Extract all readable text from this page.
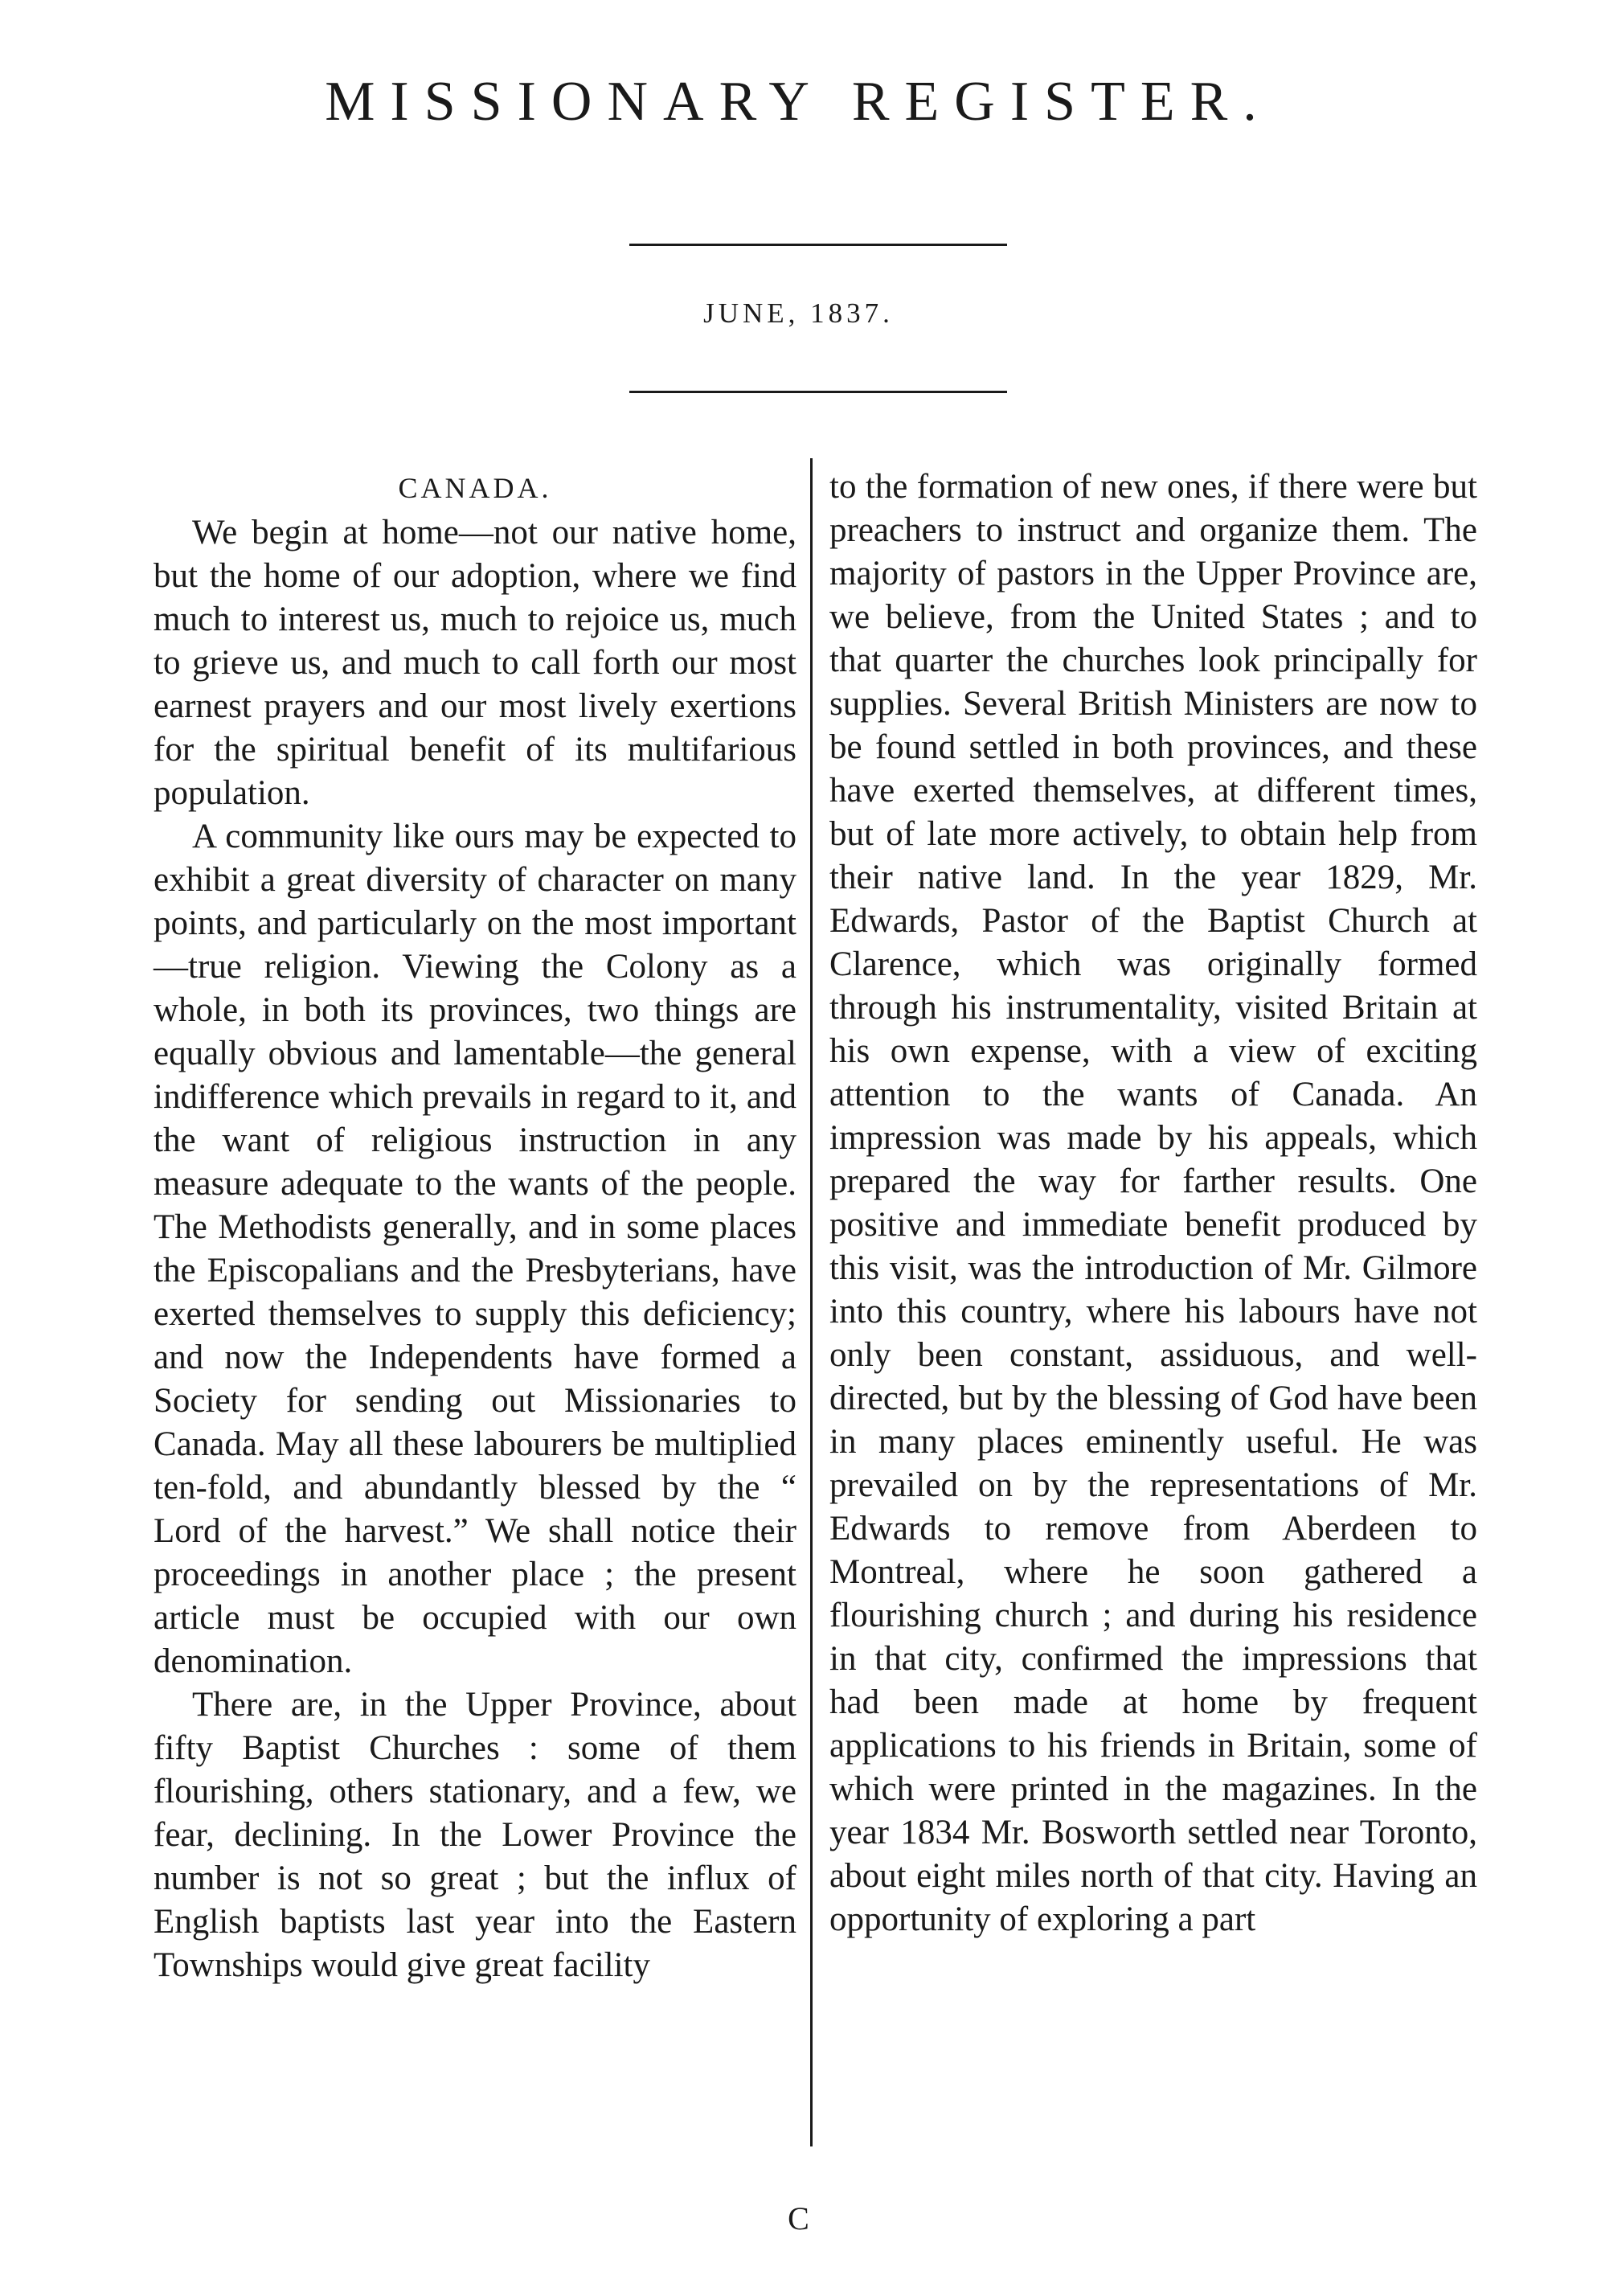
MISSIONARY REGISTER.
JUNE, 1837.
CANADA.

We begin at home—not our native home, but the home of our adoption, where we find much to interest us, much to rejoice us, much to grieve us, and much to call forth our most earnest prayers and our most lively exertions for the spiritual benefit of its multifarious population.

A community like ours may be expected to exhibit a great diversity of character on many points, and particularly on the most important—true religion. Viewing the Colony as a whole, in both its provinces, two things are equally obvious and lamentable—the general indifference which prevails in regard to it, and the want of religious instruction in any measure adequate to the wants of the people. The Methodists generally, and in some places the Episcopalians and the Presbyterians, have exerted themselves to supply this deficiency; and now the Independents have formed a Society for sending out Missionaries to Canada. May all these labourers be multiplied ten-fold, and abundantly blessed by the “ Lord of the harvest.” We shall notice their proceedings in another place ; the present article must be occupied with our own denomination.

There are, in the Upper Province, about fifty Baptist Churches : some of them flourishing, others stationary, and a few, we fear, declining. In the Lower Province the number is not so great ; but the influx of English baptists last year into the Eastern Townships would give great facility

to the formation of new ones, if there were but preachers to instruct and organize them. The majority of pastors in the Upper Province are, we believe, from the United States ; and to that quarter the churches look principally for supplies. Several British Ministers are now to be found settled in both provinces, and these have exerted themselves, at different times, but of late more actively, to obtain help from their native land. In the year 1829, Mr. Edwards, Pastor of the Baptist Church at Clarence, which was originally formed through his instrumentality, visited Britain at his own expense, with a view of exciting attention to the wants of Canada. An impression was made by his appeals, which prepared the way for farther results. One positive and immediate benefit produced by this visit, was the introduction of Mr. Gilmore into this country, where his labours have not only been constant, assiduous, and well-directed, but by the blessing of God have been in many places eminently useful. He was prevailed on by the representations of Mr. Edwards to remove from Aberdeen to Montreal, where he soon gathered a flourishing church ; and during his residence in that city, confirmed the impressions that had been made at home by frequent applications to his friends in Britain, some of which were printed in the magazines. In the year 1834 Mr. Bosworth settled near Toronto, about eight miles north of that city. Having an opportunity of exploring a part

C
